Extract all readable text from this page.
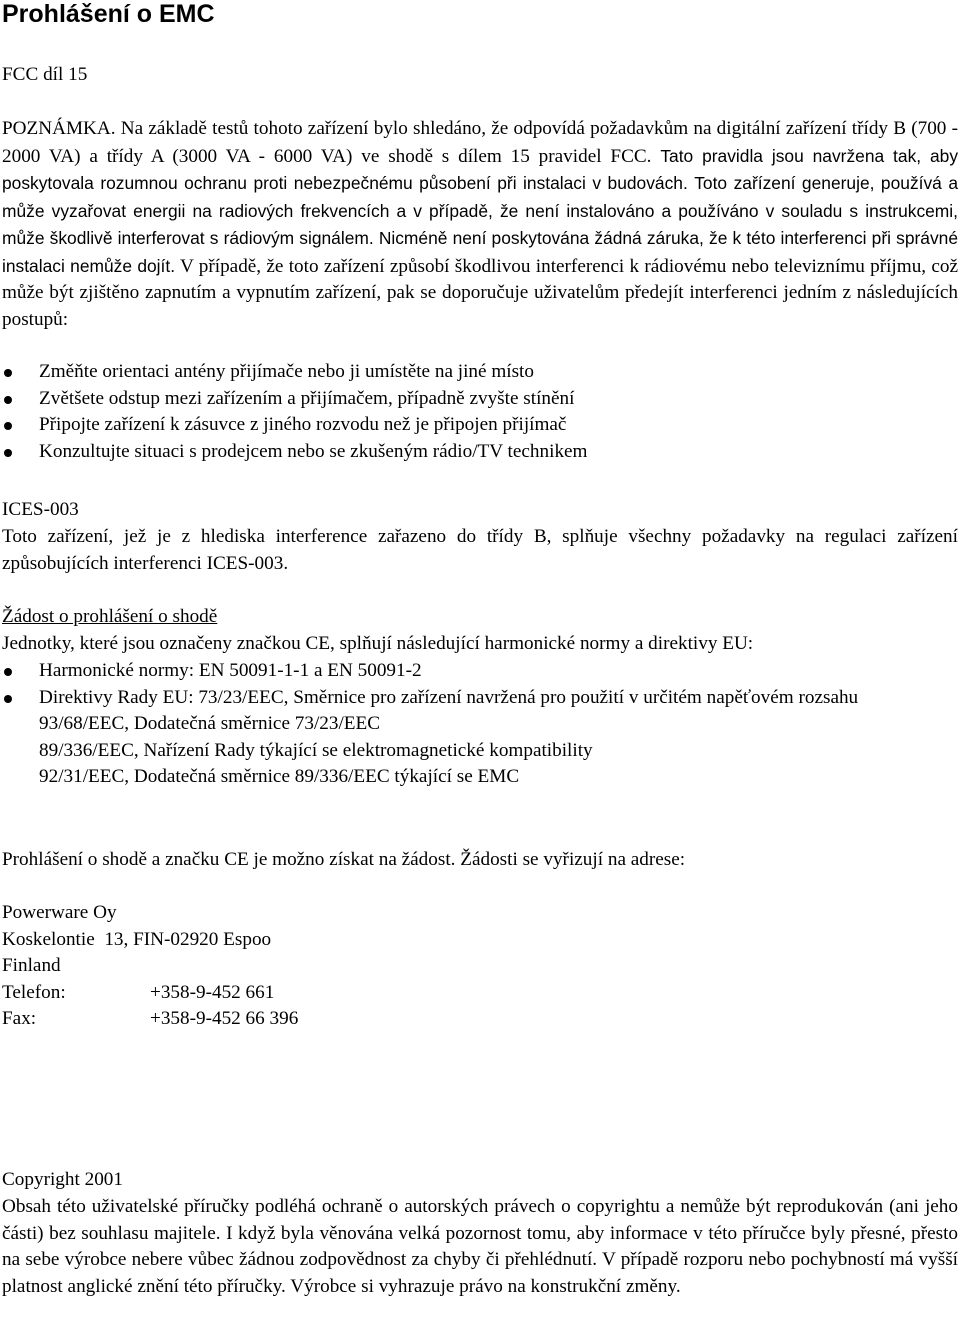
Prohlášení o EMC

FCC díl 15

POZNÁMKA. Na základě testů tohoto zařízení bylo shledáno, že odpovídá požadavkům na digitální zařízení třídy B (700 - 2000 VA) a třídy A (3000 VA - 6000 VA) ve shodě s dílem 15 pravidel FCC. Tato pravidla jsou navržena tak, aby poskytovala rozumnou ochranu proti nebezpečnému působení při instalaci v budovách. Toto zařízení generuje, používá a může vyzařovat energii na radiových frekvencích a v případě, že není instalováno a používáno v souladu s instrukcemi, může škodlivě interferovat s rádiovým signálem. Nicméně není poskytována žádná záruka, že k této interferenci při správné instalaci nemůže dojít. V případě, že toto zařízení způsobí škodlivou interferenci k rádiovému nebo televiznímu příjmu, což může být zjištěno zapnutím a vypnutím zařízení, pak se doporučuje uživatelům předejít interferenci jedním z následujících postupů:

Změňte orientaci antény přijímače nebo ji umístěte na jiné místo
Zvětšete odstup mezi zařízením a přijímačem, případně zvyšte stínění
Připojte zařízení k zásuvce z jiného rozvodu než je připojen přijímač
Konzultujte situaci s prodejcem nebo se zkušeným rádio/TV technikem

ICES-003

Toto zařízení, jež je z hlediska interference zařazeno do třídy B, splňuje všechny požadavky na regulaci zařízení způsobujících interferenci ICES-003.

Žádost o prohlášení o shodě

Jednotky, které jsou označeny značkou CE, splňují následující harmonické normy a direktivy EU:

Harmonické normy: EN 50091-1-1 a EN 50091-2
Direktivy Rady EU: 73/23/EEC, Směrnice pro zařízení navržená pro použití v určitém napěťovém rozsahu
93/68/EEC, Dodatečná směrnice 73/23/EEC
89/336/EEC, Nařízení Rady týkající se elektromagnetické kompatibility
92/31/EEC, Dodatečná směrnice 89/336/EEC týkající se EMC

Prohlášení o shodě a značku CE je možno získat na žádost. Žádosti se vyřizují na adrese:

Powerware Oy
Koskelontie  13, FIN-02920 Espoo
Finland
Telefon:	+358-9-452 661
Fax:	+358-9-452 66 396

Copyright 2001

Obsah této uživatelské příručky podléhá ochraně o autorských právech o copyrightu a nemůže být reprodukován (ani jeho části) bez souhlasu majitele. I když byla věnována velká pozornost tomu, aby informace v této příručce byly přesné, přesto na sebe výrobce nebere vůbec žádnou zodpovědnost za chyby či přehlédnutí. V případě rozporu nebo pochybností má vyšší platnost anglické znění této příručky. Výrobce si vyhrazuje právo na konstrukční změny.
